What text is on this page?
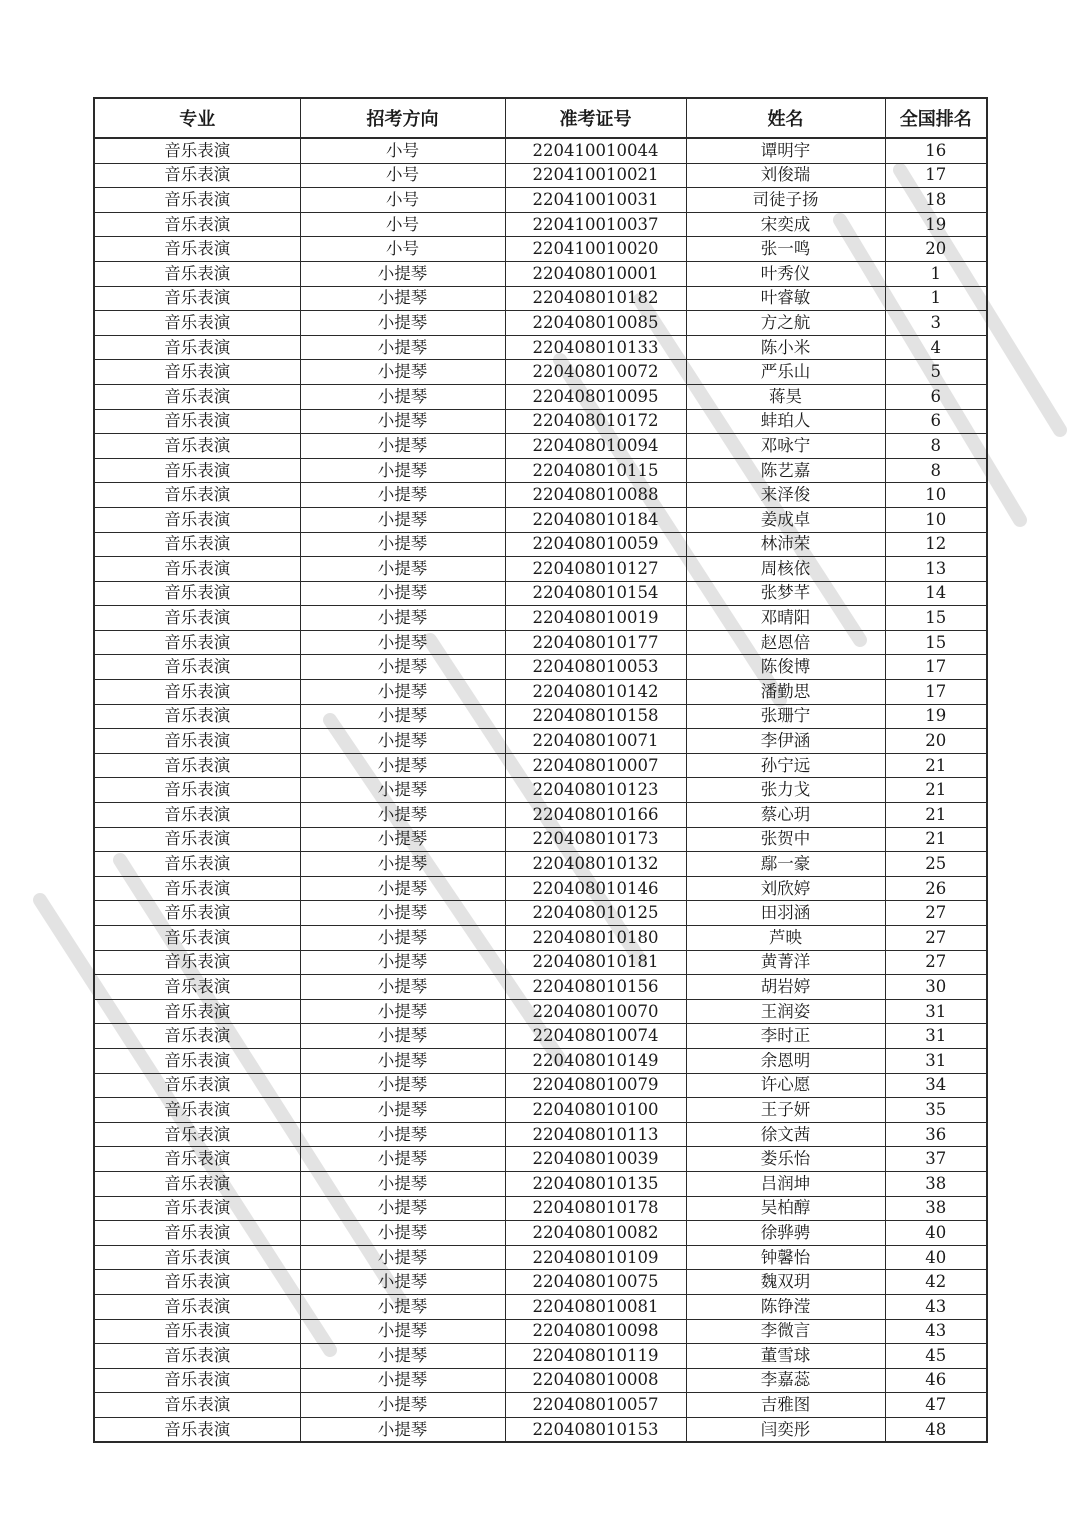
专业	招考方向	准考证号	姓名	全国排名
音乐表演	小号	220410010044	谭明宇	16
音乐表演	小号	220410010021	刘俊瑞	17
音乐表演	小号	220410010031	司徒子扬	18
音乐表演	小号	220410010037	宋奕成	19
音乐表演	小号	220410010020	张一鸣	20
音乐表演	小提琴	220408010001	叶秀仪	1
音乐表演	小提琴	220408010182	叶睿敏	1
音乐表演	小提琴	220408010085	方之航	3
音乐表演	小提琴	220408010133	陈小米	4
音乐表演	小提琴	220408010072	严乐山	5
音乐表演	小提琴	220408010095	蒋昊	6
音乐表演	小提琴	220408010172	蚌珀人	6
音乐表演	小提琴	220408010094	邓咏宁	8
音乐表演	小提琴	220408010115	陈艺嘉	8
音乐表演	小提琴	220408010088	来泽俊	10
音乐表演	小提琴	220408010184	姜成卓	10
音乐表演	小提琴	220408010059	林沛荣	12
音乐表演	小提琴	220408010127	周核依	13
音乐表演	小提琴	220408010154	张梦芊	14
音乐表演	小提琴	220408010019	邓晴阳	15
音乐表演	小提琴	220408010177	赵恩倍	15
音乐表演	小提琴	220408010053	陈俊博	17
音乐表演	小提琴	220408010142	潘勤思	17
音乐表演	小提琴	220408010158	张珊宁	19
音乐表演	小提琴	220408010071	李伊涵	20
音乐表演	小提琴	220408010007	孙宁远	21
音乐表演	小提琴	220408010123	张力戈	21
音乐表演	小提琴	220408010166	蔡心玥	21
音乐表演	小提琴	220408010173	张贺中	21
音乐表演	小提琴	220408010132	鄢一豪	25
音乐表演	小提琴	220408010146	刘欣婷	26
音乐表演	小提琴	220408010125	田羽涵	27
音乐表演	小提琴	220408010180	芦映	27
音乐表演	小提琴	220408010181	黄菁洋	27
音乐表演	小提琴	220408010156	胡岩婷	30
音乐表演	小提琴	220408010070	王润姿	31
音乐表演	小提琴	220408010074	李时正	31
音乐表演	小提琴	220408010149	余恩明	31
音乐表演	小提琴	220408010079	许心愿	34
音乐表演	小提琴	220408010100	王子妍	35
音乐表演	小提琴	220408010113	徐文茜	36
音乐表演	小提琴	220408010039	娄乐怡	37
音乐表演	小提琴	220408010135	吕润坤	38
音乐表演	小提琴	220408010178	吴柏醇	38
音乐表演	小提琴	220408010082	徐骅骋	40
音乐表演	小提琴	220408010109	钟馨怡	40
音乐表演	小提琴	220408010075	魏双玥	42
音乐表演	小提琴	220408010081	陈铮滢	43
音乐表演	小提琴	220408010098	李微言	43
音乐表演	小提琴	220408010119	董雪球	45
音乐表演	小提琴	220408010008	李嘉蕊	46
音乐表演	小提琴	220408010057	吉雅图	47
音乐表演	小提琴	220408010153	闫奕彤	48
